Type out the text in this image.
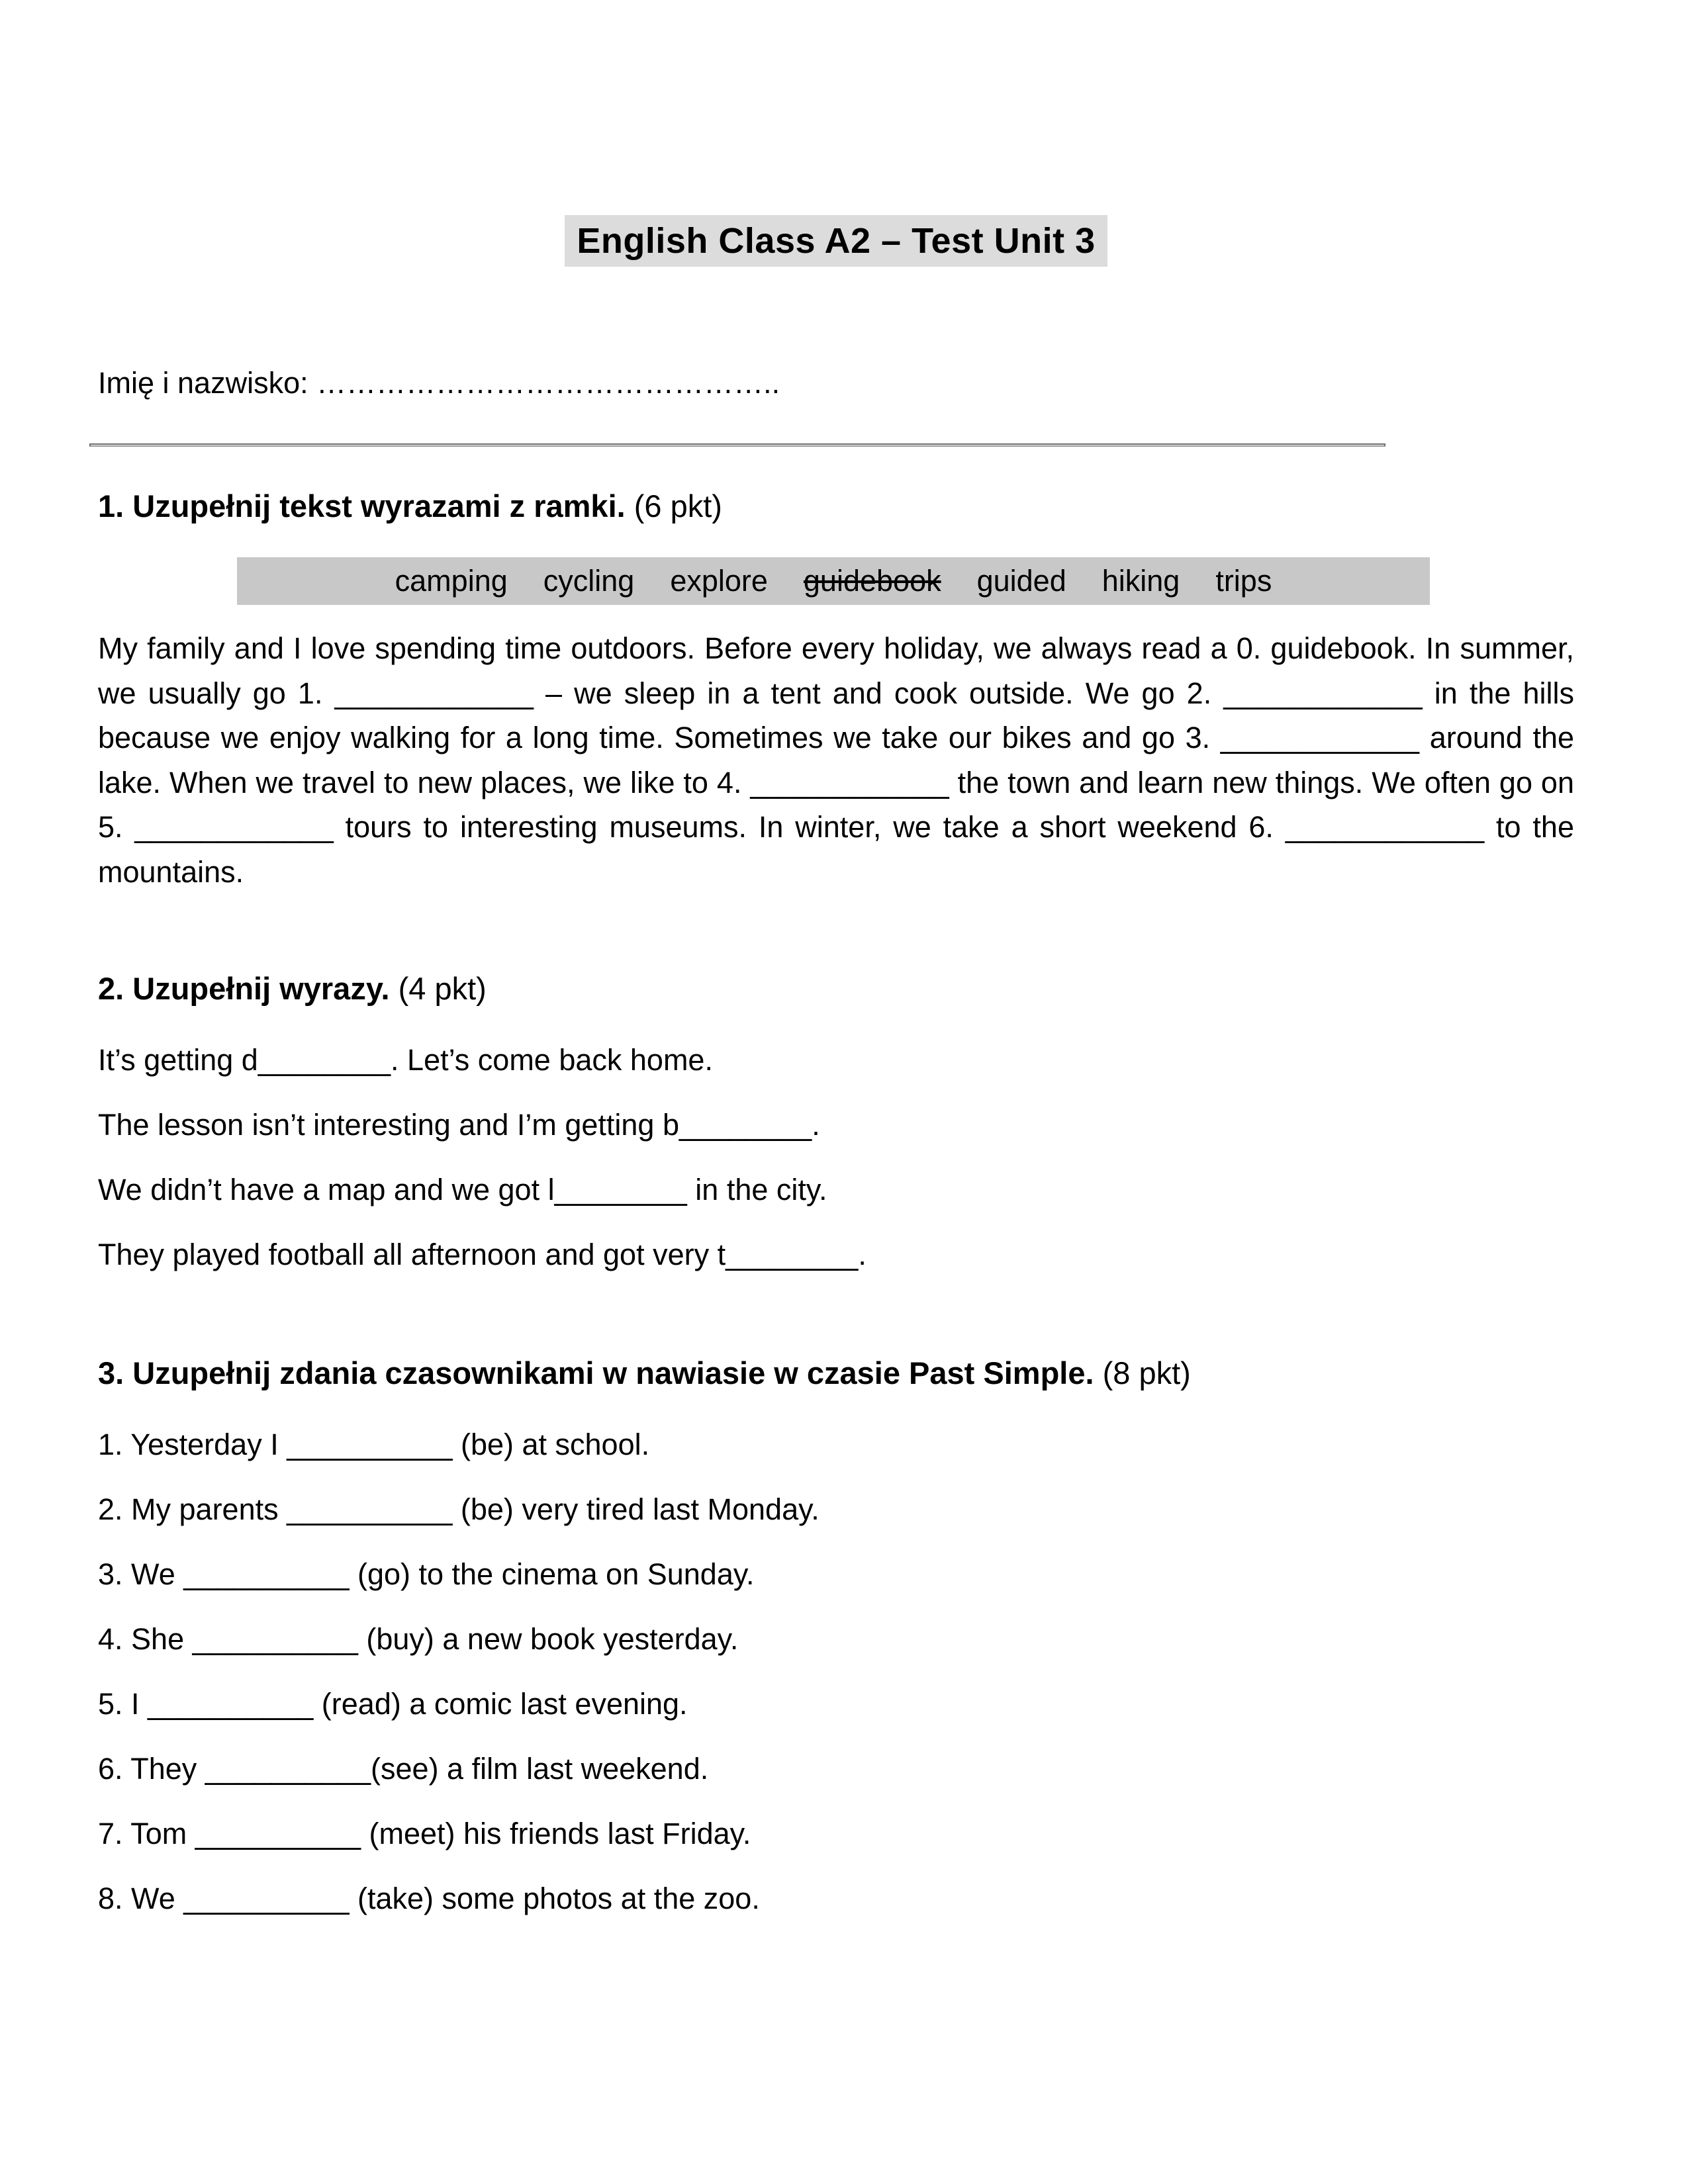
English Class A2 – Test Unit 3
Imię i nazwisko: ………………………………………..

1. Uzupełnij tekst wyrazami z ramki. (6 pkt)

camping cycling explore guidebook guided hiking trips

My family and I love spending time outdoors. Before every holiday, we always read a 0. guidebook. In summer, we usually go 1. ____________ – we sleep in a tent and cook outside. We go 2. ____________ in the hills because we enjoy walking for a long time. Sometimes we take our bikes and go 3. ____________ around the lake. When we travel to new places, we like to 4. ____________ the town and learn new things. We often go on 5. ____________ tours to interesting museums. In winter, we take a short weekend 6. ____________ to the mountains.

2. Uzupełnij wyrazy. (4 pkt)

It’s getting d________. Let’s come back home.
The lesson isn’t interesting and I’m getting b________.
We didn’t have a map and we got l________ in the city.
They played football all afternoon and got very t________.

3. Uzupełnij zdania czasownikami w nawiasie w czasie Past Simple. (8 pkt)

1. Yesterday I __________ (be) at school.
2. My parents __________ (be) very tired last Monday.
3. We __________ (go) to the cinema on Sunday.
4. She __________ (buy) a new book yesterday.
5. I __________ (read) a comic last evening.
6. They __________(see) a film last weekend.
7. Tom __________ (meet) his friends last Friday.
8. We __________ (take) some photos at the zoo.
